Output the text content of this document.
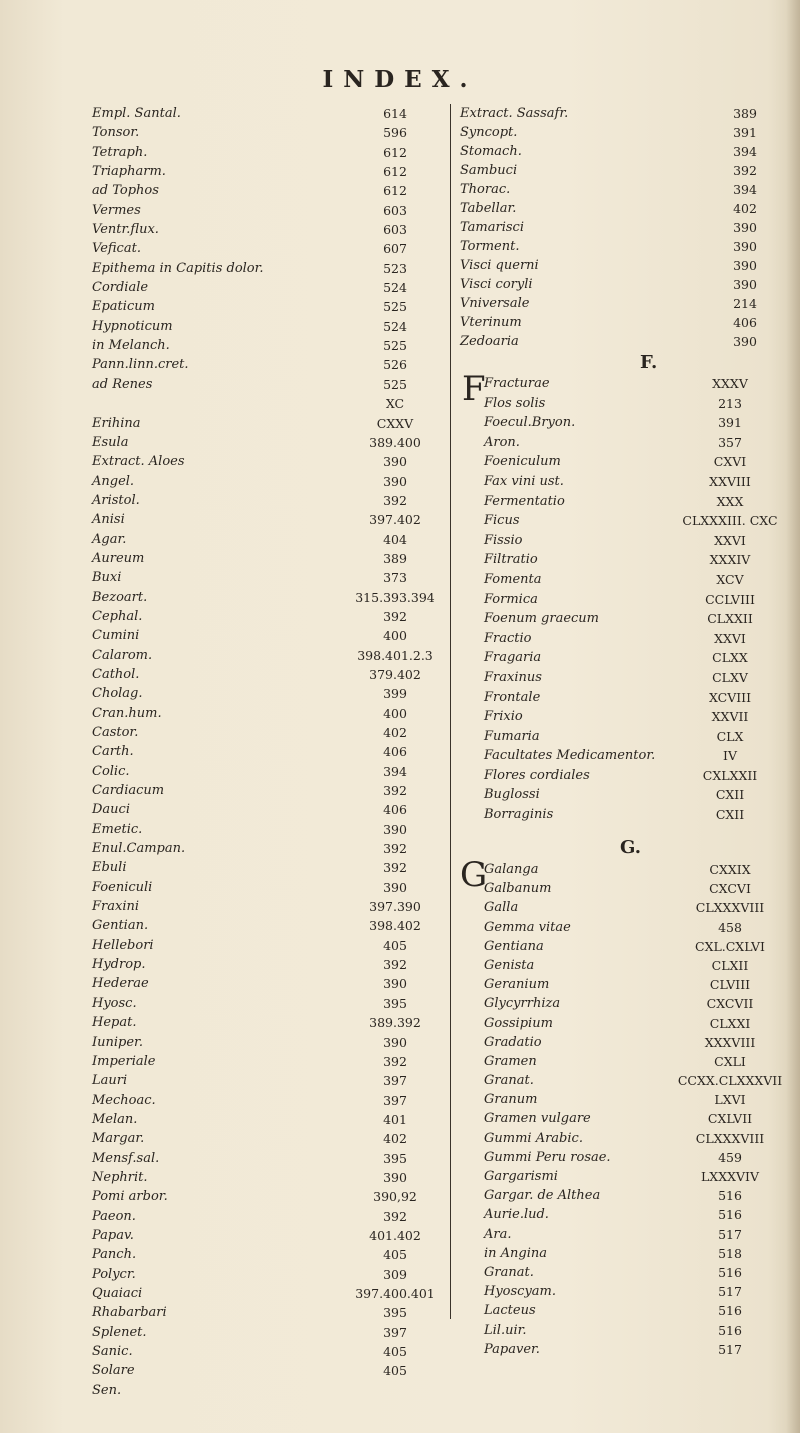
INDEX.
Empl. Santal.
Tonsor.
Tetraph.
Triapharm.
ad Tophos
Vermes
Ventr.flux.
Veficat.
Epithema in Capitis dolor.
Cordiale
Epaticum
Hypnoticum
in Melanch.
Pann.linn.cret.
ad Renes
Erihina
Esula
Extract. Aloes
Angel.
Aristol.
Anisi
Agar.
Aureum
Buxi
Bezoart.
Cephal.
Cumini
Calarom.
Cathol.
Cholag.
Cran.hum.
Castor.
Carth.
Colic.
Cardiacum
Dauci
Emetic.
Enul.Campan.
Ebuli
Foeniculi
Fraxini
Gentian.
Hellebori
Hydrop.
Hederae
Hyosc.
Hepat.
Iuniper.
Imperiale
Lauri
Mechoac.
Melan.
Margar.
Mensf.sal.
Nephrit.
Pomi arbor.
Paeon.
Papav.
Panch.
Polycr.
Quaiaci
Rhabarbari
Splenet.
Sanic.
Solare
Sen.
614
596
612
612
612
603
603
607
523
524
525
524
525
526
525
XC
CXXV
389.400
390
390
392
397.402
404
389
373
315.393.394
392
400
398.401.2.3
379.402
399
400
402
406
394
392
406
390
392
392
390
397.390
398.402
405
392
390
395
389.392
390
392
397
397
401
402
395
390
390,92
392
401.402
405
309
397.400.401
395
397
405
405
Extract. Sassafr.
Syncopt.
Stomach.
Sambuci
Thorac.
Tabellar.
Tamarisci
Torment.
Visci querni
Visci coryli
Vniversale
Vterinum
Zedoaria
389
391
394
392
394
402
390
390
390
390
214
406
390
F.
F
Fracturae
Flos solis
Foecul.Bryon.
Aron.
Foeniculum
Fax vini ust.
Fermentatio
Ficus
Fissio
Filtratio
Fomenta
Formica
Foenum graecum
Fractio
Fragaria
Fraxinus
Frontale
Frixio
Fumaria
Facultates Medicamentor.
Flores cordiales
Buglossi
Borraginis
XXXV
213
391
357
CXVI
XXVIII
XXX
CLXXXIII. CXC
XXVI
XXXIV
XCV
CCLVIII
CLXXII
XXVI
CLXX
CLXV
XCVIII
XXVII
CLX
IV
CXLXXII
CXII
CXII
G.
G
Galanga
Galbanum
Galla
Gemma vitae
Gentiana
Genista
Geranium
Glycyrrhiza
Gossipium
Gradatio
Gramen
Granat.
Granum
Gramen vulgare
Gummi Arabic.
Gummi Peru rosae.
Gargarismi
Gargar. de Althea
Aurie.lud.
Ara.
in Angina
Granat.
Hyoscyam.
Lacteus
Lil.uir.
Papaver.
CXXIX
CXCVI
CLXXXVIII
458
CXL.CXLVI
CLXII
CLVIII
CXCVII
CLXXI
XXXVIII
CXLI
CCXX.CLXXXVII
LXVI
CXLVII
CLXXXVIII
459
LXXXVIV
516
516
517
518
516
517
516
516
517
